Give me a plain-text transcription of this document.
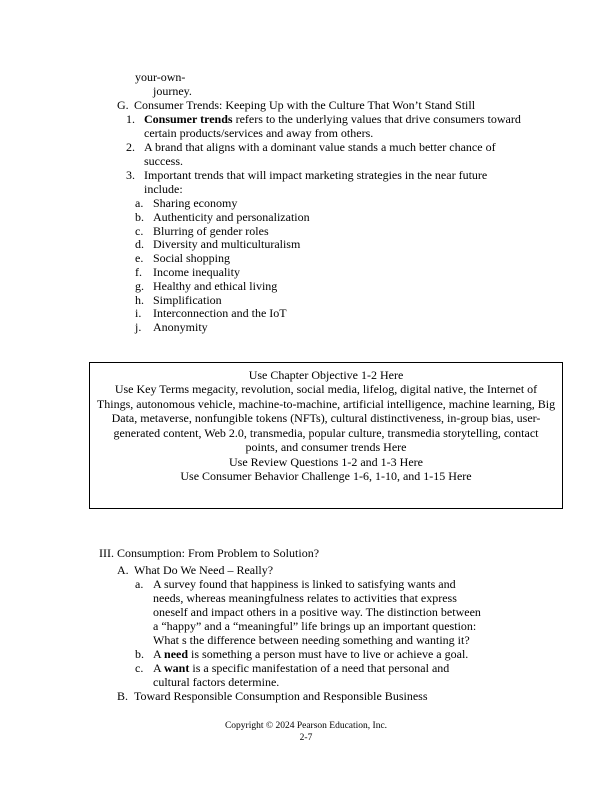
your-own-
journey.
G. Consumer Trends: Keeping Up with the Culture That Won’t Stand Still
1. Consumer trends refers to the underlying values that drive consumers toward
certain products/services and away from others.
2. A brand that aligns with a dominant value stands a much better chance of
success.
3. Important trends that will impact marketing strategies in the near future
include:
a. Sharing economy
b. Authenticity and personalization
c. Blurring of gender roles
d. Diversity and multiculturalism
e. Social shopping
f. Income inequality
g. Healthy and ethical living
h. Simplification
i. Interconnection and the IoT
j. Anonymity
Use Chapter Objective 1-2 Here
Use Key Terms megacity, revolution, social media, lifelog, digital native, the Internet of
Things, autonomous vehicle, machine-to-machine, artificial intelligence, machine learning, Big
Data, metaverse, nonfungible tokens (NFTs), cultural distinctiveness, in-group bias, user-
generated content, Web 2.0, transmedia, popular culture, transmedia storytelling, contact
points, and consumer trends Here
Use Review Questions 1-2 and 1-3 Here
Use Consumer Behavior Challenge 1-6, 1-10, and 1-15 Here
III. Consumption: From Problem to Solution?
A. What Do We Need – Really?
a. A survey found that happiness is linked to satisfying wants and
needs, whereas meaningfulness relates to activities that express
oneself and impact others in a positive way. The distinction between
a “happy” and a “meaningful” life brings up an important question:
What s the difference between needing something and wanting it?
b. A need is something a person must have to live or achieve a goal.
c. A want is a specific manifestation of a need that personal and
cultural factors determine.
B. Toward Responsible Consumption and Responsible Business
Copyright © 2024 Pearson Education, Inc.
2-7
